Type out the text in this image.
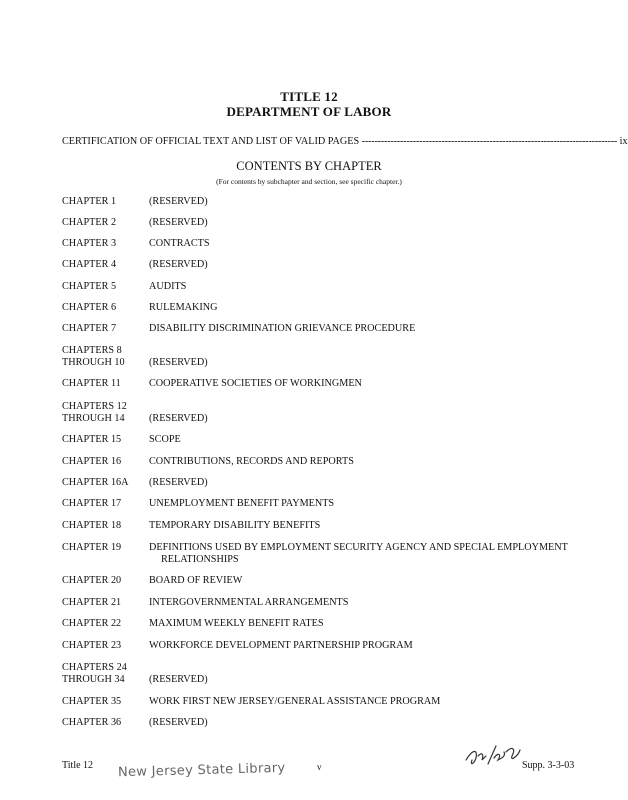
TITLE 12
DEPARTMENT OF LABOR
CERTIFICATION OF OFFICIAL TEXT AND LIST OF VALID PAGES -------------------------------------------------------------------------------- ix
CONTENTS BY CHAPTER
(For contents by subchapter and section, see specific chapter.)
CHAPTER 1	(RESERVED)
CHAPTER 2	(RESERVED)
CHAPTER 3	CONTRACTS
CHAPTER 4	(RESERVED)
CHAPTER 5	AUDITS
CHAPTER 6	RULEMAKING
CHAPTER 7	DISABILITY DISCRIMINATION GRIEVANCE PROCEDURE
CHAPTERS 8
THROUGH 10	(RESERVED)
CHAPTER 11	COOPERATIVE SOCIETIES OF WORKINGMEN
CHAPTERS 12
THROUGH 14	(RESERVED)
CHAPTER 15	SCOPE
CHAPTER 16	CONTRIBUTIONS, RECORDS AND REPORTS
CHAPTER 16A	(RESERVED)
CHAPTER 17	UNEMPLOYMENT BENEFIT PAYMENTS
CHAPTER 18	TEMPORARY DISABILITY BENEFITS
CHAPTER 19	DEFINITIONS USED BY EMPLOYMENT SECURITY AGENCY AND SPECIAL EMPLOYMENT
RELATIONSHIPS
CHAPTER 20	BOARD OF REVIEW
CHAPTER 21	INTERGOVERNMENTAL ARRANGEMENTS
CHAPTER 22	MAXIMUM WEEKLY BENEFIT RATES
CHAPTER 23	WORKFORCE DEVELOPMENT PARTNERSHIP PROGRAM
CHAPTERS 24
THROUGH 34	(RESERVED)
CHAPTER 35	WORK FIRST NEW JERSEY/GENERAL ASSISTANCE PROGRAM
CHAPTER 36	(RESERVED)
Title 12 New Jersey State Library	v	Supp. 3-3-03
